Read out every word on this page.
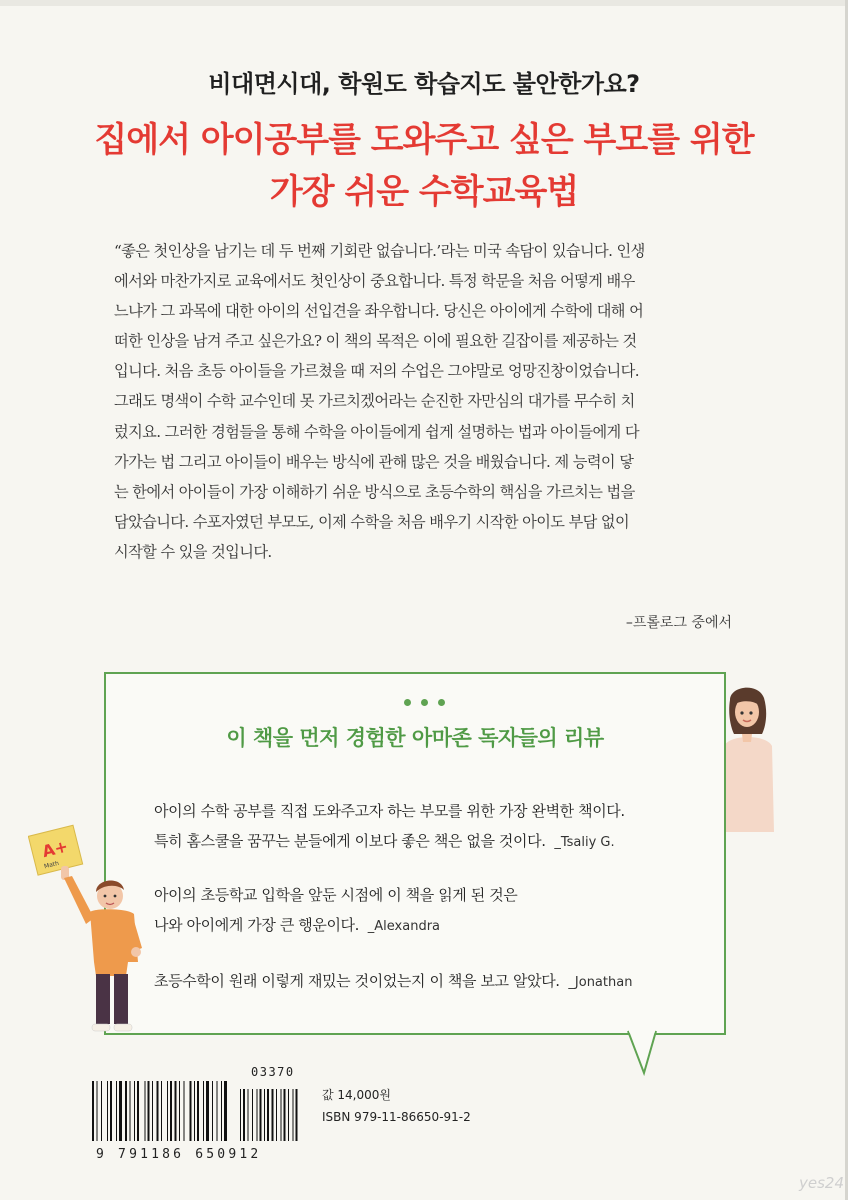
비대면시대, 학원도 학습지도 불안한가요?
집에서 아이공부를 도와주고 싶은 부모를 위한
가장 쉬운 수학교육법
“좋은 첫인상을 남기는 데 두 번째 기회란 없습니다.’라는 미국 속담이 있습니다. 인생
에서와 마찬가지로 교육에서도 첫인상이 중요합니다. 특정 학문을 처음 어떻게 배우
느냐가 그 과목에 대한 아이의 선입견을 좌우합니다. 당신은 아이에게 수학에 대해 어
떠한 인상을 남겨 주고 싶은가요? 이 책의 목적은 이에 필요한 길잡이를 제공하는 것
입니다. 처음 초등 아이들을 가르쳤을 때 저의 수업은 그야말로 엉망진창이었습니다.
그래도 명색이 수학 교수인데 못 가르치겠어라는 순진한 자만심의 대가를 무수히 치
렀지요. 그러한 경험들을 통해 수학을 아이들에게 쉽게 설명하는 법과 아이들에게 다
가가는 법 그리고 아이들이 배우는 방식에 관해 많은 것을 배웠습니다. 제 능력이 닿
는 한에서 아이들이 가장 이해하기 쉬운 방식으로 초등수학의 핵심을 가르치는 법을
담았습니다. 수포자였던 부모도, 이제 수학을 처음 배우기 시작한 아이도 부담 없이
시작할 수 있을 것입니다.
–프롤로그 중에서
이 책을 먼저 경험한 아마존 독자들의 리뷰
아이의 수학 공부를 직접 도와주고자 하는 부모를 위한 가장 완벽한 책이다.
특히 홈스쿨을 꿈꾸는 분들에게 이보다 좋은 책은 없을 것이다. _Tsaliy G.
아이의 초등학교 입학을 앞둔 시점에 이 책을 읽게 된 것은
나와 아이에게 가장 큰 행운이다. _Alexandra
초등수학이 원래 이렇게 재밌는 것이었는지 이 책을 보고 알았다. _Jonathan
A+
Math
9 791186 650912
03370
값 14,000원
ISBN 979-11-86650-91-2
yes24
